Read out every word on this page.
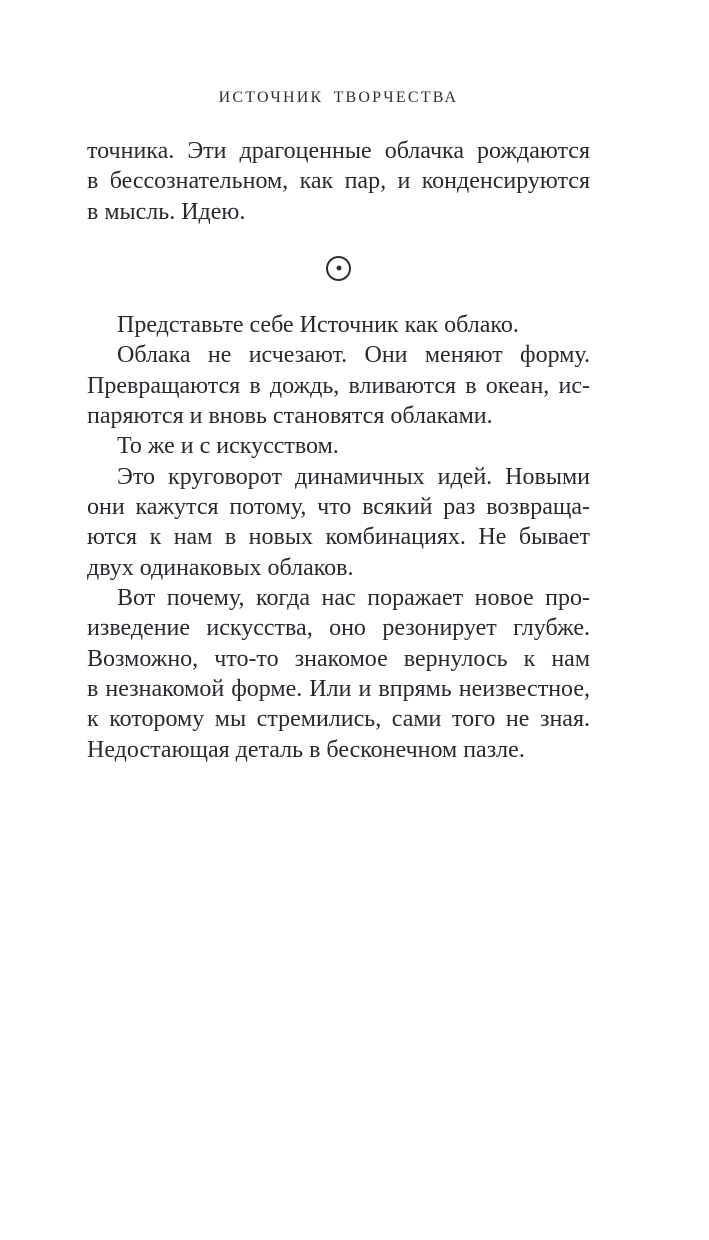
ИСТОЧНИК ТВОРЧЕСТВА

точника. Эти драгоценные облачка рождаются
в бессознательном, как пар, и конденсируются
в мысль. Идею.

Представьте себе Источник как облако.

Облака не исчезают. Они меняют форму.
Превращаются в дождь, вливаются в океан, ис-
паряются и вновь становятся облаками.

То же и с искусством.

Это круговорот динамичных идей. Новыми
они кажутся потому, что всякий раз возвраща-
ются к нам в новых комбинациях. Не бывает
двух одинаковых облаков.

Вот почему, когда нас поражает новое про-
изведение искусства, оно резонирует глубже.
Возможно, что-то знакомое вернулось к нам
в незнакомой форме. Или и впрямь неизвестное,
к которому мы стремились, сами того не зная.
Недостающая деталь в бесконечном пазле.
